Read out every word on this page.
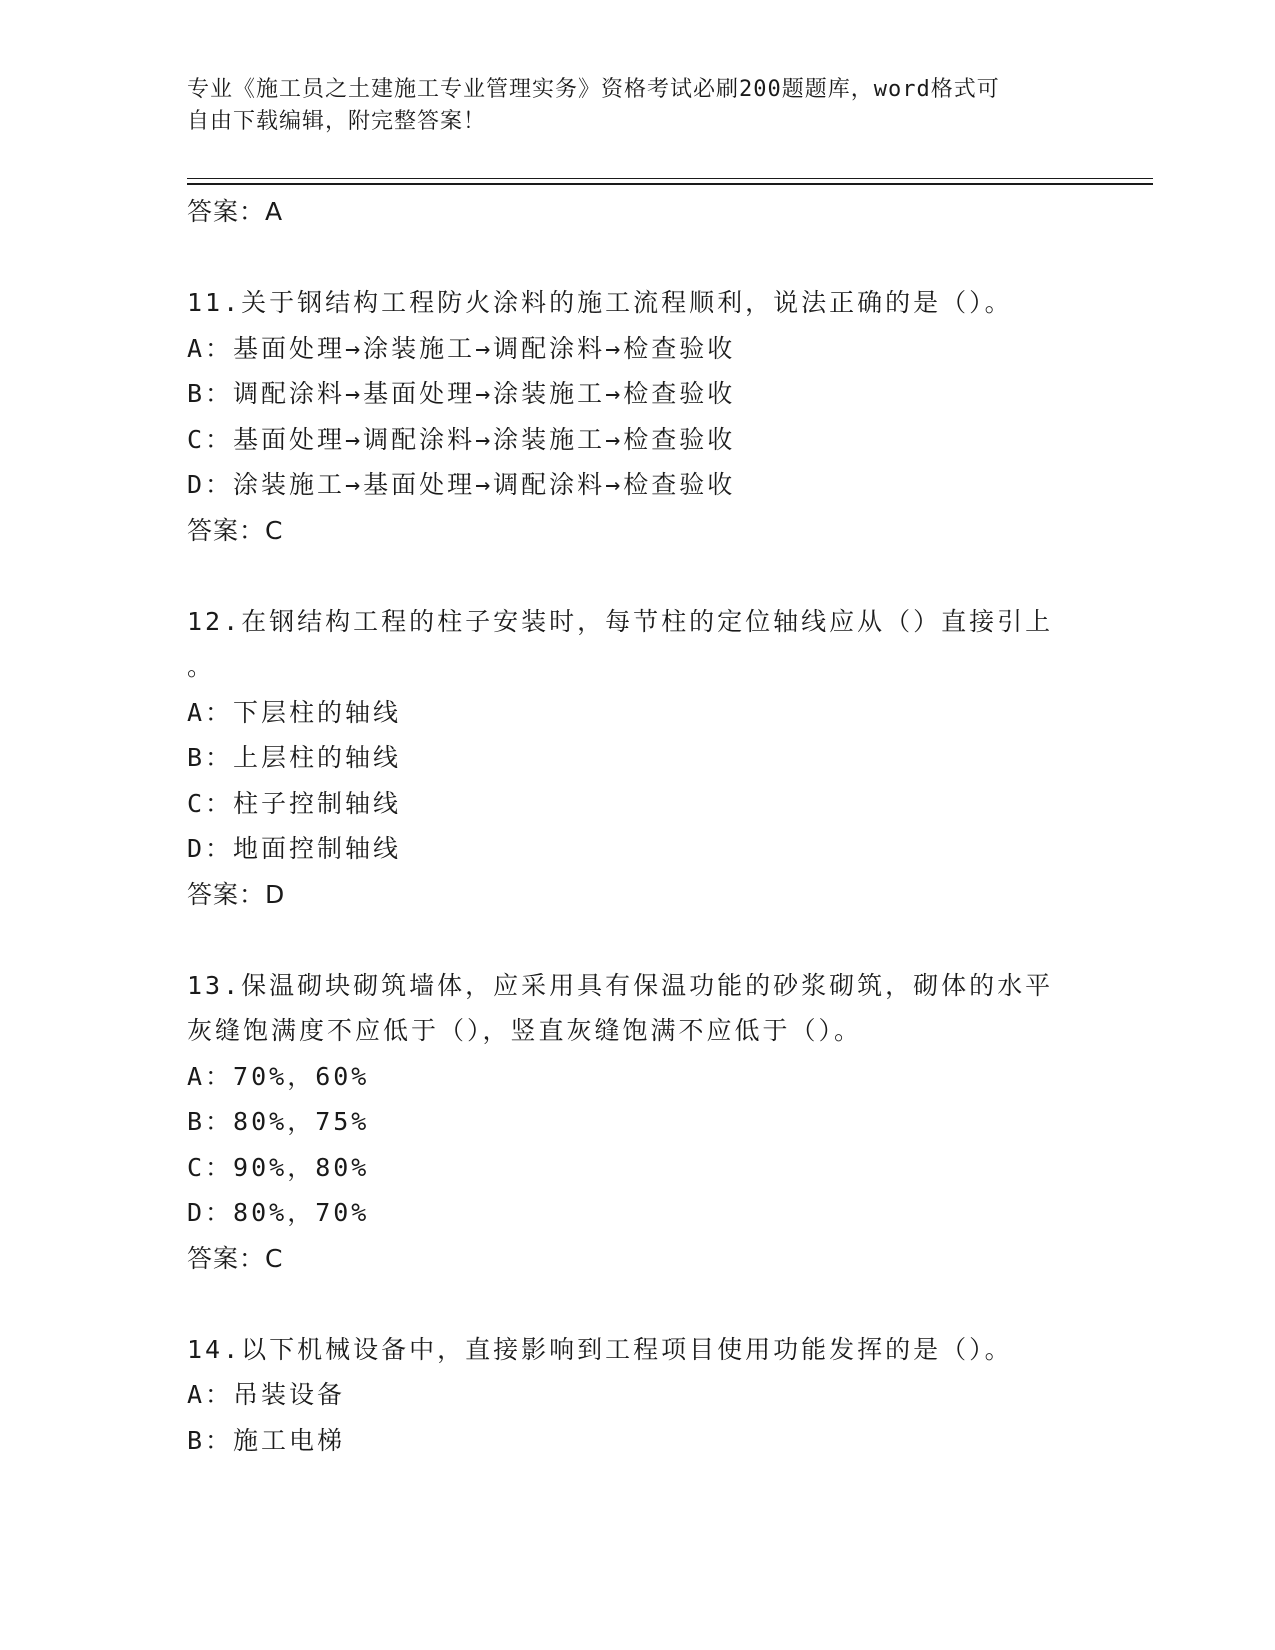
专业《施工员之土建施工专业管理实务》资格考试必刷200题题库，word格式可
自由下载编辑，附完整答案！
答案：A
11.关于钢结构工程防火涂料的施工流程顺利，说法正确的是（）。
A：基面处理→涂装施工→调配涂料→检查验收
B：调配涂料→基面处理→涂装施工→检查验收
C：基面处理→调配涂料→涂装施工→检查验收
D：涂装施工→基面处理→调配涂料→检查验收
答案：C
12.在钢结构工程的柱子安装时，每节柱的定位轴线应从（）直接引上
。
A：下层柱的轴线
B：上层柱的轴线
C：柱子控制轴线
D：地面控制轴线
答案：D
13.保温砌块砌筑墙体，应采用具有保温功能的砂浆砌筑，砌体的水平
灰缝饱满度不应低于（），竖直灰缝饱满不应低于（）。
A：70%，60%
B：80%，75%
C：90%，80%
D：80%，70%
答案：C
14.以下机械设备中，直接影响到工程项目使用功能发挥的是（）。
A：吊装设备
B：施工电梯
